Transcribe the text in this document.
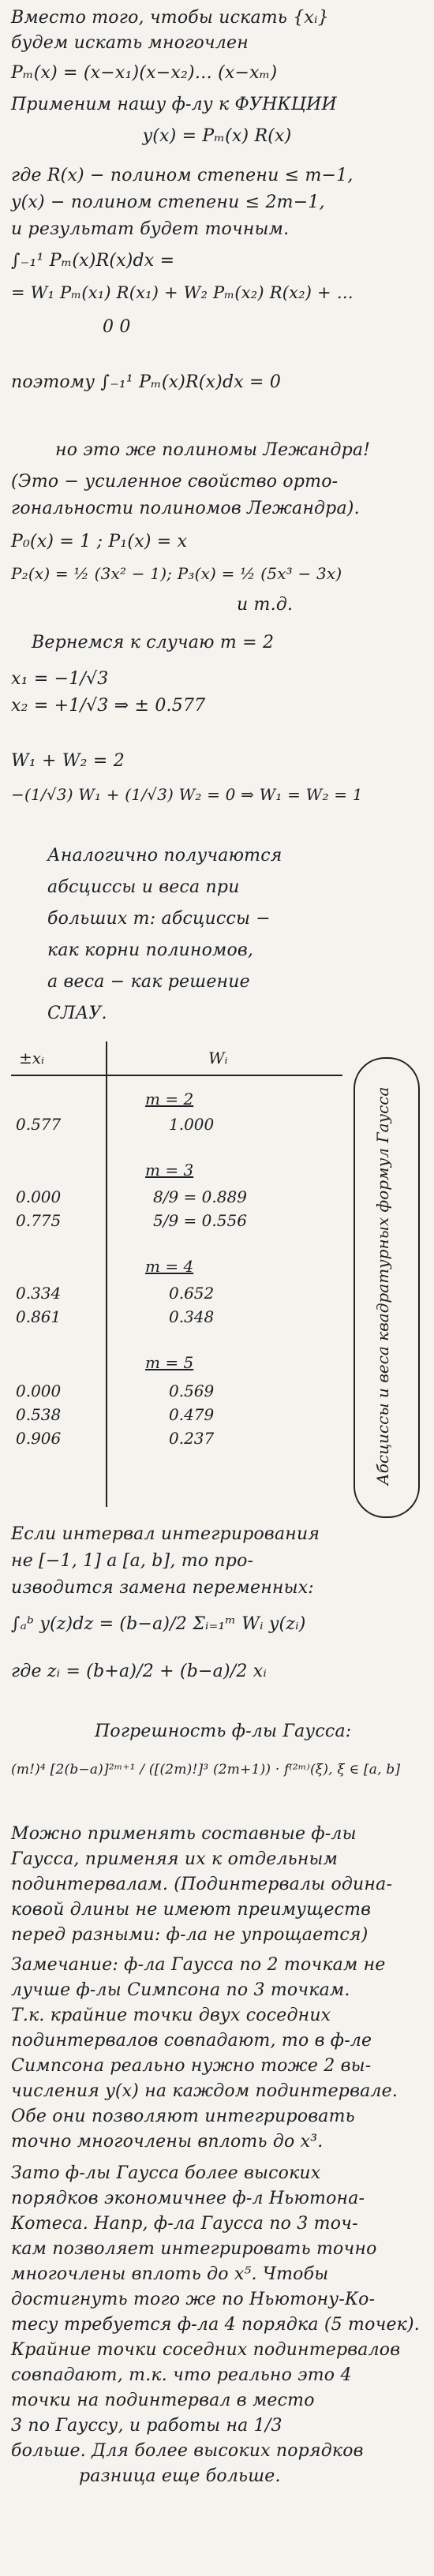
Вместо того, чтобы искать {xᵢ}
будем искать многочлен
Pₘ(x) = (x−x₁)(x−x₂)… (x−xₘ)
Применим нашу ф-лу к ФУНКЦИИ
y(x) = Pₘ(x) R(x)
где R(x) − полином степени ≤ m−1,
y(x) − полином степени ≤ 2m−1,
и результат будет точным.
∫₋₁¹ Pₘ(x)R(x)dx =
= W₁ Pₘ(x₁) R(x₁) + W₂ Pₘ(x₂) R(x₂) + …
0 0
поэтому ∫₋₁¹ Pₘ(x)R(x)dx = 0
но это же полиномы Лежандра!
(Это − усиленное свойство орто-
гональности полиномов Лежандра).
P₀(x) = 1 ; P₁(x) = x
P₂(x) = ½ (3x² − 1); P₃(x) = ½ (5x³ − 3x)
и т.д.
Вернемся к случаю m = 2
x₁ = −1/√3
x₂ = +1/√3 ⇒ ± 0.577
W₁ + W₂ = 2
−(1/√3) W₁ + (1/√3) W₂ = 0 ⇒ W₁ = W₂ = 1
Аналогично получаются
абсциссы и веса при
больших m: абсциссы −
как корни полиномов,
а веса − как решение
СЛАУ.
±xᵢ	Wᵢ
m = 2
0.577	1.000
m = 3
0.000	8/9 = 0.889
0.775	5/9 = 0.556
m = 4
0.334	0.652
0.861	0.348
m = 5
0.000	0.569
0.538	0.479
0.906	0.237	Абсциссы и веса квадратурных формул Гаусса
Если интервал интегрирования
не [−1, 1] а [a, b], то про-
изводится замена переменных:
∫ₐᵇ y(z)dz = (b−a)/2 Σᵢ₌₁ᵐ Wᵢ y(zᵢ)
где zᵢ = (b+a)/2 + (b−a)/2 xᵢ
Погрешность ф-лы Гаусса:
(m!)⁴ [2(b−a)]²ᵐ⁺¹ / ([(2m)!]³ (2m+1)) · f⁽²ᵐ⁾(ξ), ξ ∈ [a, b]
Можно применять составные ф-лы
Гаусса, применяя их к отдельным
подинтервалам. (Подинтервалы одина-
ковой длины не имеют преимуществ
перед разными: ф-ла не упрощается)
Замечание: ф-ла Гаусса по 2 точкам не
лучше ф-лы Симпсона по 3 точкам.
Т.к. крайние точки двух соседних
подинтервалов совпадают, то в ф-ле
Симпсона реально нужно тоже 2 вы-
числения y(x) на каждом подинтервале.
Обе они позволяют интегрировать
точно многочлены вплоть до x³.
Зато ф-лы Гаусса более высоких
порядков экономичнее ф-л Ньютона-
Котеса. Напр, ф-ла Гаусса по 3 точ-
кам позволяет интегрировать точно
многочлены вплоть до x⁵. Чтобы
достигнуть того же по Ньютону-Ко-
тесу требуется ф-ла 4 порядка (5 точек).
Крайние точки соседних подинтервалов
совпадают, т.к. что реально это 4
точки на подинтервал в место
3 по Гауссу, и работы на 1/3
больше. Для более высоких порядков
разница еще больше.
